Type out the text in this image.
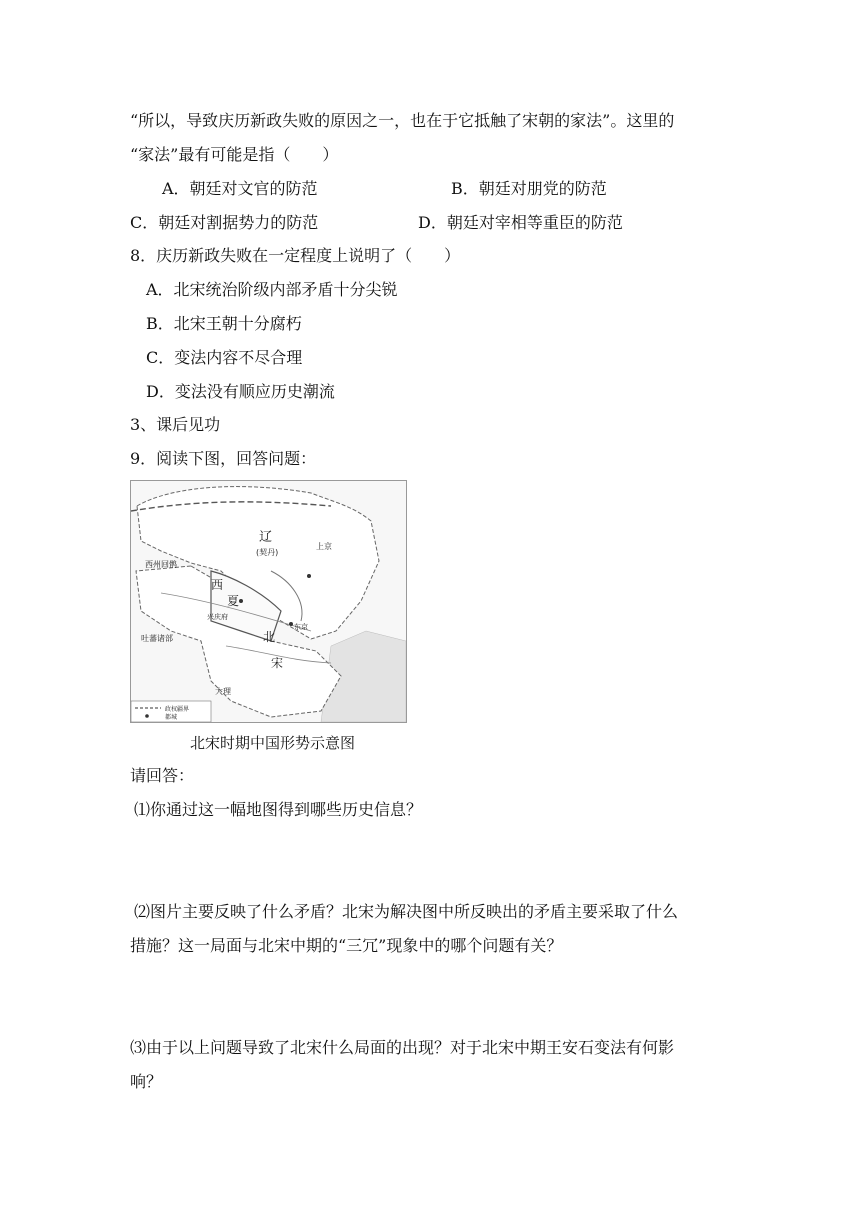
“所以，导致庆历新政失败的原因之一，也在于它抵触了宋朝的家法”。这里的
“家法”最有可能是指（　　）
A．朝廷对文官的防范	B．朝廷对朋党的防范
C．朝廷对割据势力的防范	D．朝廷对宰相等重臣的防范
8．庆历新政失败在一定程度上说明了（　　）
A．北宋统治阶级内部矛盾十分尖锐
B．北宋王朝十分腐朽
C．变法内容不尽合理
D．变法没有顺应历史潮流
3、课后见功
9．阅读下图，回答问题：
辽
(契丹)
上京
西州回鹘
西
夏
兴庆府
吐蕃诸部	北
宋
大理
东京
政权疆界
都城
北宋时期中国形势示意图
请回答：
⑴你通过这一幅地图得到哪些历史信息？
⑵图片主要反映了什么矛盾？北宋为解决图中所反映出的矛盾主要采取了什么
措施？这一局面与北宋中期的“三冗”现象中的哪个问题有关？
⑶由于以上问题导致了北宋什么局面的出现？对于北宋中期王安石变法有何影
响？
